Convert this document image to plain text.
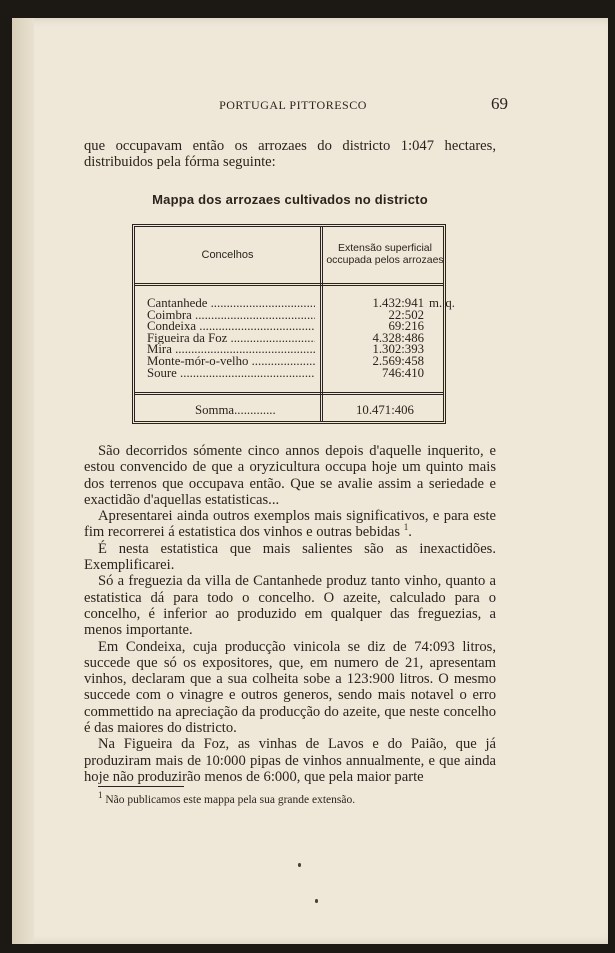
PORTUGAL PITTORESCO	69

que occupavam então os arrozaes do districto 1:047 hectares, distribuidos pela fórma seguinte:

Mappa dos arrozaes cultivados no districto
Concelhos
Extensão superficial
occupada pelos arrozaes
Cantanhede .....	1.432:941 m. q.
Coimbra .....	22:502
Condeixa .....	69:216
Figueira da Foz .....	4.328:486
Mira .....	1.302:393
Monte-mór-o-velho .....	2.569:458
Soure .....	746:410
Somma .....	10.471:406

São decorridos sómente cinco annos depois d'aquelle inquerito, e estou convencido de que a oryzicultura occupa hoje um quinto mais dos terrenos que occupava então. Que se avalie assim a seriedade e exactidão d'aquellas estatisticas...

Apresentarei ainda outros exemplos mais significativos, e para este fim recorrerei á estatistica dos vinhos e outras bebidas $^1$.

É nesta estatistica que mais salientes são as inexactidões. Exemplificarei.

Só a freguezia da villa de Cantanhede produz tanto vinho, quanto a estatistica dá para todo o concelho. O azeite, calculado para o concelho, é inferior ao produzido em qualquer das freguezias, a menos importante.

Em Condeixa, cuja producção vinicola se diz de 74:093 litros, succede que só os expositores, que, em numero de 21, apresentam vinhos, declaram que a sua colheita sobe a 123:900 litros. O mesmo succede com o vinagre e outros generos, sendo mais notavel o erro commettido na apreciação da producção do azeite, que neste concelho é das maiores do districto.

Na Figueira da Foz, as vinhas de Lavos e do Paião, que já produziram mais de 10:000 pipas de vinhos annualmente, e que ainda hoje não produzirão menos de 6:000, que pela maior parte

$^1$ Não publicamos este mappa pela sua grande extensão.
